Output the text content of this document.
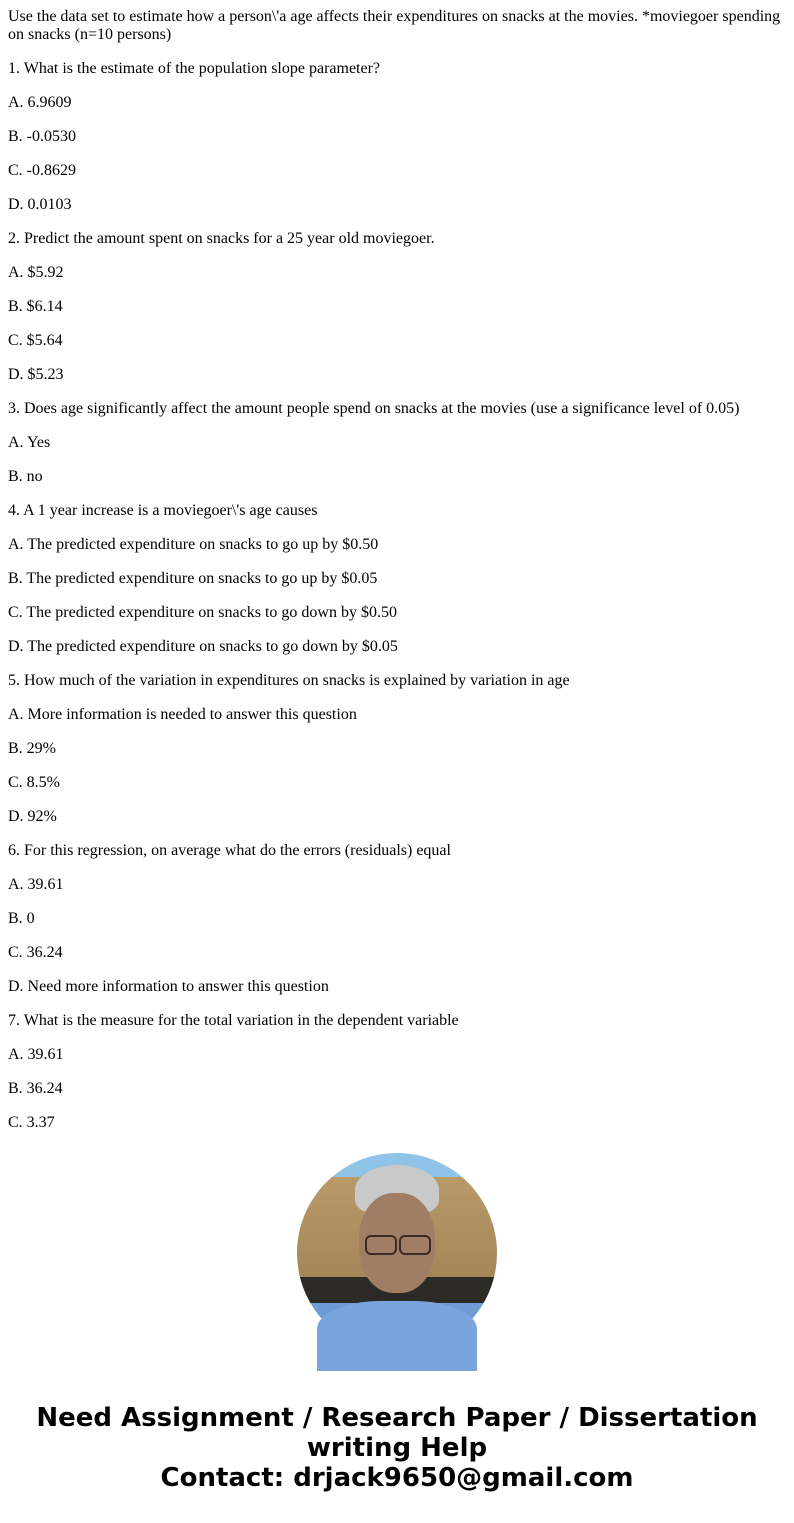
Use the data set to estimate how a person\'a age affects their expenditures on snacks at the movies. *moviegoer spending on snacks (n=10 persons)

1. What is the estimate of the population slope parameter?

A. 6.9609

B. -0.0530

C. -0.8629

D. 0.0103

2. Predict the amount spent on snacks for a 25 year old moviegoer.

A. $5.92

B. $6.14

C. $5.64

D. $5.23

3. Does age significantly affect the amount people spend on snacks at the movies (use a significance level of 0.05)

A. Yes

B. no

4. A 1 year increase is a moviegoer\'s age causes

A. The predicted expenditure on snacks to go up by $0.50

B. The predicted expenditure on snacks to go up by $0.05

C. The predicted expenditure on snacks to go down by $0.50

D. The predicted expenditure on snacks to go down by $0.05

5. How much of the variation in expenditures on snacks is explained by variation in age

A. More information is needed to answer this question

B. 29%

C. 8.5%

D. 92%

6. For this regression, on average what do the errors (residuals) equal

A. 39.61

B. 0

C. 36.24

D. Need more information to answer this question

7. What is the measure for the total variation in the dependent variable

A. 39.61

B. 36.24

C. 3.37

Need Assignment / Research Paper / Dissertation
writing Help
Contact: drjack9650@gmail.com
